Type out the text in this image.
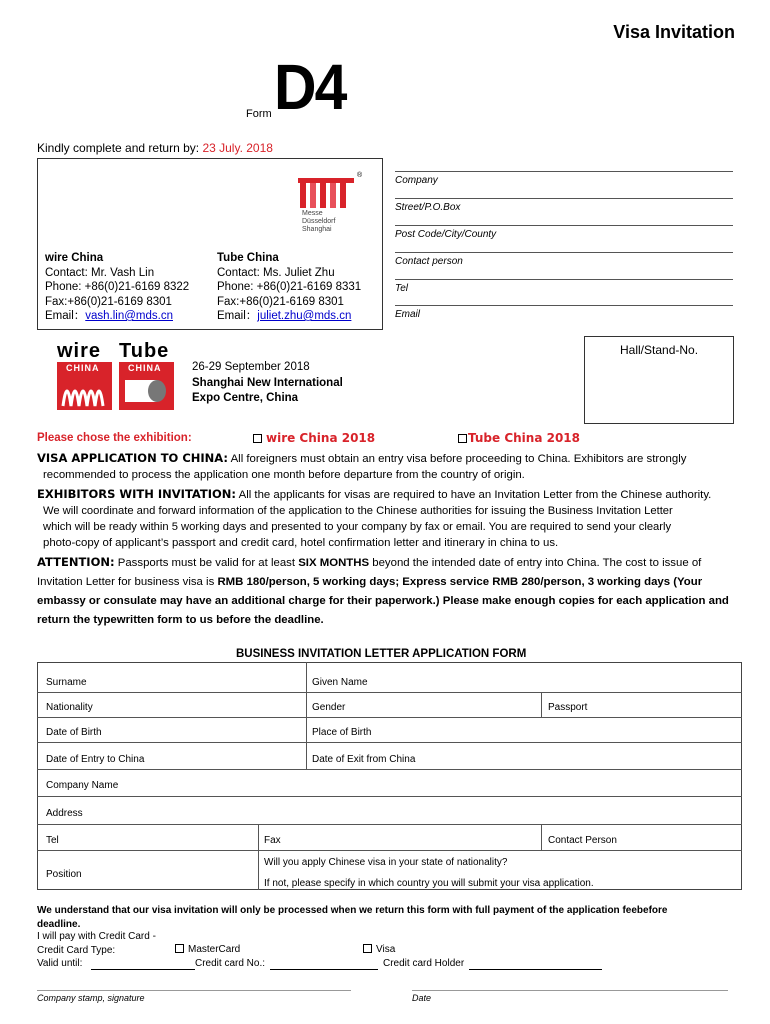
Visa Invitation
Form D4
Kindly complete and return by: 23 July. 2018
®
Messe
Düsseldorf
Shanghai
wire China
Contact: Mr. Vash Lin
Phone: +86(0)21-6169 8322
Fax:+86(0)21-6169 8301
Email：vash.lin@mds.cn
Tube China
Contact: Ms. Juliet Zhu
Phone: +86(0)21-6169 8331
Fax:+86(0)21-6169 8301
Email：juliet.zhu@mds.cn
Company
Street/P.O.Box
Post Code/City/County
Contact person
Tel
Email
Hall/Stand-No.
wire Tube
CHINA	CHINA	26-29 September 2018
Shanghai New International
Expo Centre, China
Please chose the exhibition:	wire China 2018	Tube China 2018
VISA APPLICATION TO CHINA: All foreigners must obtain an entry visa before proceeding to China. Exhibitors are strongly
recommended to process the application one month before departure from the country of origin.
EXHIBITORS WITH INVITATION: All the applicants for visas are required to have an Invitation Letter from the Chinese authority.
We will coordinate and forward information of the application to the Chinese authorities for issuing the Business Invitation Letter
which will be ready within 5 working days and presented to your company by fax or email. You are required to send your clearly
photo-copy of applicant’s passport and credit card, hotel confirmation letter and itinerary in china to us.
ATTENTION: Passports must be valid for at least SIX MONTHS beyond the intended date of entry into China. The cost to issue of
Invitation Letter for business visa is RMB 180/person, 5 working days; Express service RMB 280/person, 3 working days (Your
embassy or consulate may have an additional charge for their paperwork.) Please make enough copies for each application and
return the typewritten form to us before the deadline.
BUSINESS INVITATION LETTER APPLICATION FORM
Surname	Given Name
Nationality	Gender	Passport
Date of Birth	Place of Birth
Date of Entry to China	Date of Exit from China
Company Name
Address
Tel	Fax	Contact Person
Position
Will you apply Chinese visa in your state of nationality?
If not, please specify in which country you will submit your visa application.
We understand that our visa invitation will only be processed when we return this form with full payment of the application feebefore
deadline.
I will pay with Credit Card -
Credit Card Type:	MasterCard	Visa
Valid until:	Credit card No.:	Credit card Holder
Company stamp, signature	Date
